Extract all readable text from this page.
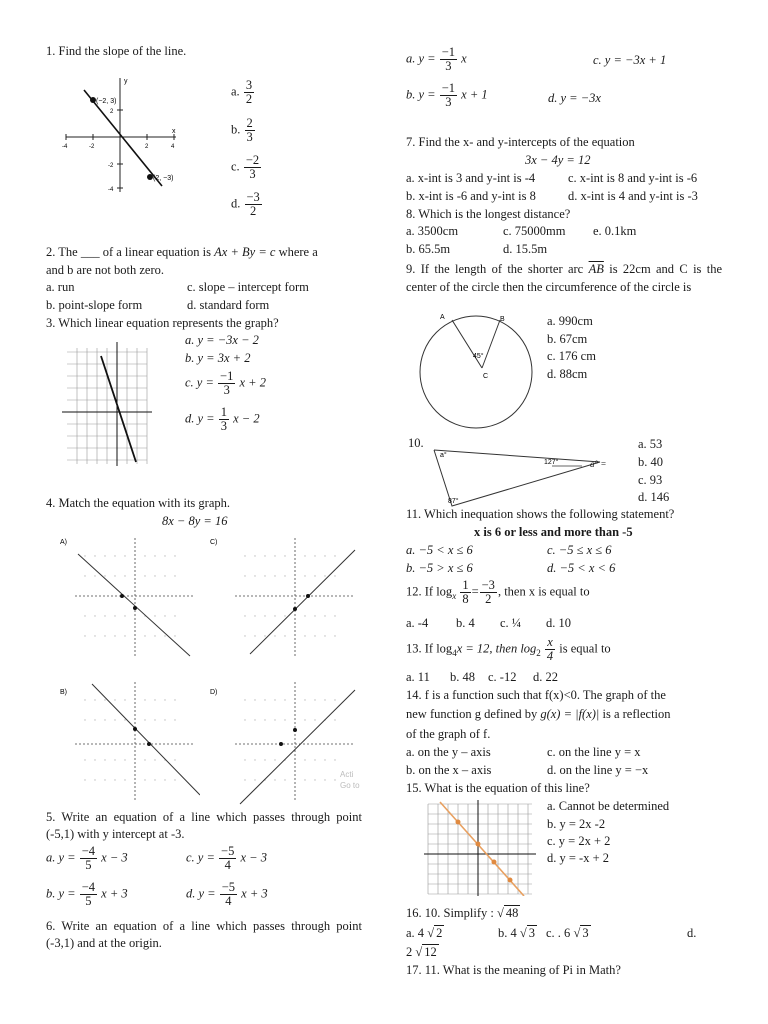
1. Find the slope of the line.
(−2, 3)
(2, −3)
y
x
-4	-2	2	4
2
-2
-4
a. $\frac{3}{2}$
b. $\frac{2}{3}$
c. $\frac{-2}{3}$
d. $\frac{-3}{2}$
2. The ___ of a linear equation is Ax + By = c where a
and b are not both zero.
a. run	c. slope – intercept form
b. point-slope form	d. standard form
3. Which linear equation represents the graph?
a. y = −3x − 2
b. y = 3x + 2
c. $y = \frac{-1}{3}$ x + 2
d. $y = \frac{1}{3}$ x − 2
4. Match the equation with its graph.
8x − 8y = 16
A)	C)
B)	D)
Acti
Go to
5. Write an equation of a line which passes through point (-5,1) with y intercept at -3.
a. $y = \frac{-4}{5}$ x − 3	c. $y = \frac{-5}{4}$ x − 3
b. $y = \frac{-4}{5}$ x + 3	d. $y = \frac{-5}{4}$ x + 3
6. Write an equation of a line which passes through point (-3,1) and at the origin.
a. $y = \frac{-1}{3}$ x	c. y = −3x + 1
b. $y = \frac{-1}{3}$ x + 1	d. y = −3x
7. Find the x- and y-intercepts of the equation
3x − 4y = 12
a. x-int is 3 and y-int is -4	c. x-int is 8 and y-int is -6
b. x-int is -6 and y-int is 8	d. x-int is 4 and y-int is -3
8. Which is the longest distance?
a. 3500cm	c. 75000mm e. 0.1km
b. 65.5m	d. 15.5m
9. If the length of the shorter arc $\overline{AB}$ is 22cm and C is the center of the circle then the circumference of the circle is
A	B
C
45°
a. 990cm
b. 67cm
c. 176 cm
d. 88cm
10.
a°
127°
87°
a° =
a. 53
b. 40
c. 93
d. 146
11. Which inequation shows the following statement?
x is 6 or less and more than -5
a. −5 < x ≤ 6	c. −5 ≤ x ≤ 6
b. −5 > x ≤ 6	d. −5 < x < 6
12. If $\log_x \frac{1}{8} = \frac{-3}{2}$ , then x is equal to
a. -4 b. 4 c. ¼ d. 10
13. If $\log_4x = 12$, then $\log_2 \frac{x}{4}$ is equal to
a. 11 b. 48 c. -12 d. 22
14. f is a function such that f(x)<0. The graph of the
new function g defined by g(x) = |f(x)| is a reflection
of the graph of f.
a. on the y – axis	c. on the line y = x
b. on the x – axis	d. on the line y = −x
15. What is the equation of this line?
a. Cannot be determined
b. y = 2x -2
c. y = 2x + 2
d. y = -x + 2
16. 10. Simplify : √ 48
a. 4 √ 2	b. 4 √ 3 c. . 6 √ 3	d.
2 √ 12
17. 11. What is the meaning of Pi in Math?
